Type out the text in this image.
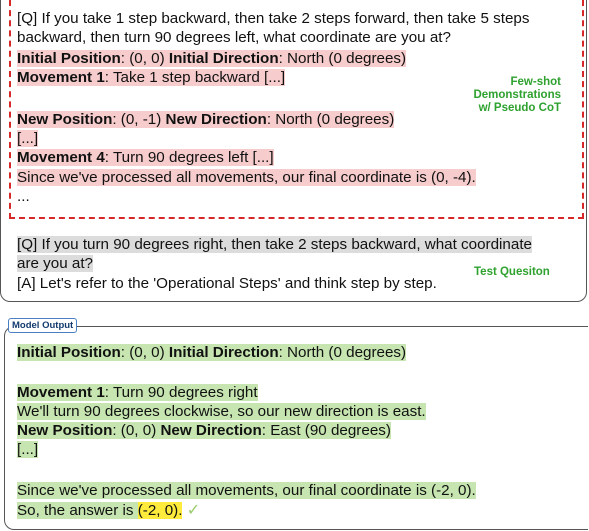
[Q] If you take 1 step backward, then take 2 steps forward, then take 5 steps
backward, then turn 90 degrees left, what coordinate are you at?
Initial Position: (0, 0) Initial Direction: North (0 degrees)
Movement 1: Take 1 step backward [...]
New Position: (0, -1) New Direction: North (0 degrees)
[...]
Movement 4: Turn 90 degrees left [...]
Since we've processed all movements, our final coordinate is (0, -4).
...
Few-shot
Demonstrations
w/ Pseudo CoT
[Q] If you turn 90 degrees right, then take 2 steps backward, what coordinate
are you at?
[A] Let's refer to the 'Operational Steps' and think step by step.
Test Quesiton
Model Output
Initial Position: (0, 0) Initial Direction: North (0 degrees)
Movement 1: Turn 90 degrees right
We'll turn 90 degrees clockwise, so our new direction is east.
New Position: (0, 0) New Direction: East (90 degrees)
[...]
Since we've processed all movements, our final coordinate is (-2, 0).
So, the answer is (-2, 0). ✓
